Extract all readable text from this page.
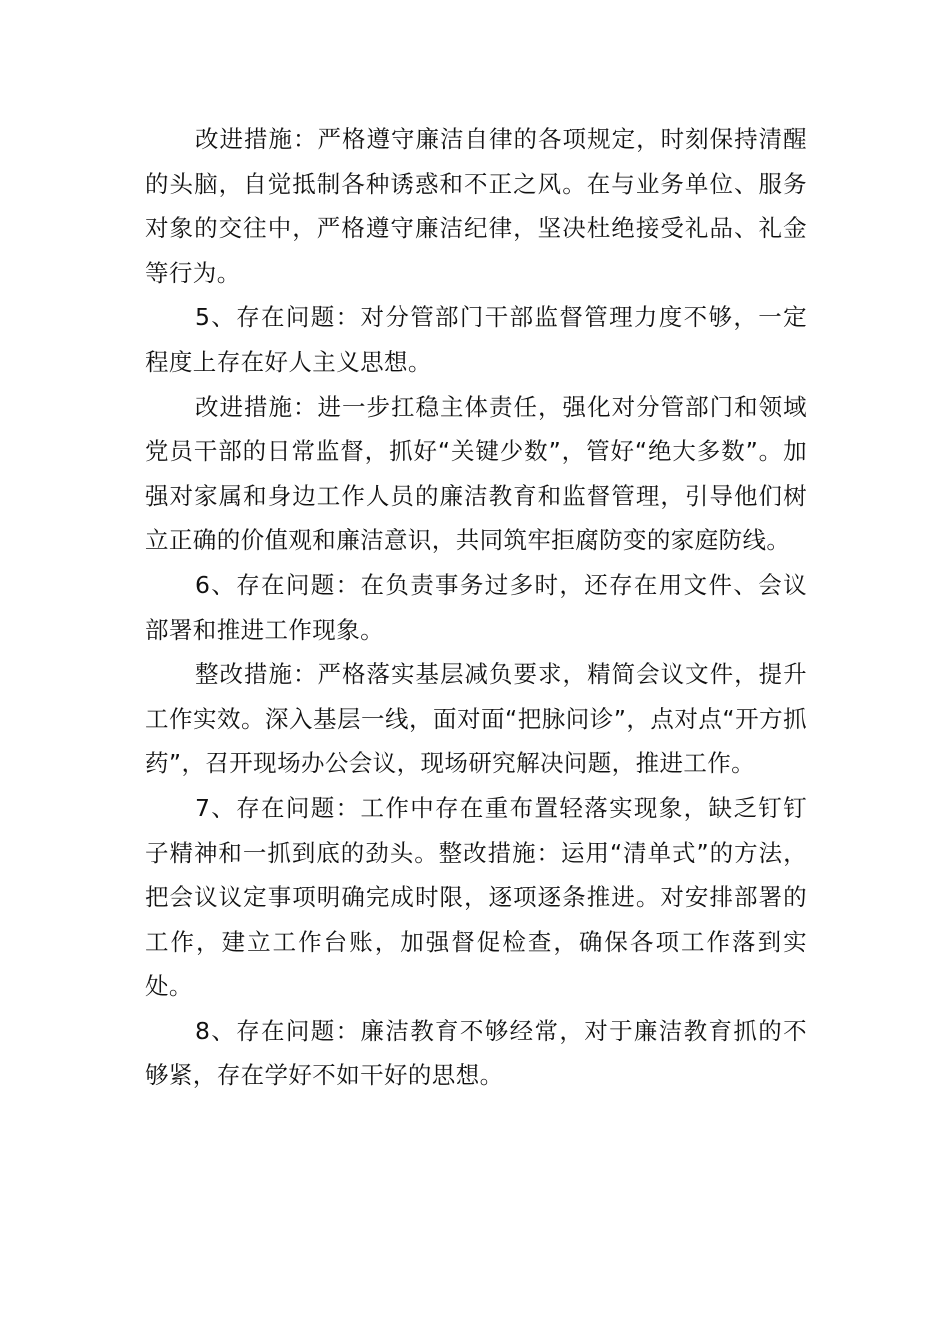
改进措施：严格遵守廉洁自律的各项规定，时刻保持清醒的头脑，自觉抵制各种诱惑和不正之风。在与业务单位、服务对象的交往中，严格遵守廉洁纪律，坚决杜绝接受礼品、礼金等行为。

5、存在问题：对分管部门干部监督管理力度不够，一定程度上存在好人主义思想。

改进措施：进一步扛稳主体责任，强化对分管部门和领域党员干部的日常监督，抓好“关键少数”，管好“绝大多数”。加强对家属和身边工作人员的廉洁教育和监督管理，引导他们树立正确的价值观和廉洁意识，共同筑牢拒腐防变的家庭防线。

6、存在问题：在负责事务过多时，还存在用文件、会议部署和推进工作现象。

整改措施：严格落实基层减负要求，精简会议文件，提升工作实效。深入基层一线，面对面“把脉问诊”，点对点“开方抓药”，召开现场办公会议，现场研究解决问题，推进工作。

7、存在问题：工作中存在重布置轻落实现象，缺乏钉钉子精神和一抓到底的劲头。整改措施：运用“清单式”的方法，把会议议定事项明确完成时限，逐项逐条推进。对安排部署的工作，建立工作台账，加强督促检查，确保各项工作落到实处。

8、存在问题：廉洁教育不够经常，对于廉洁教育抓的不够紧，存在学好不如干好的思想。
